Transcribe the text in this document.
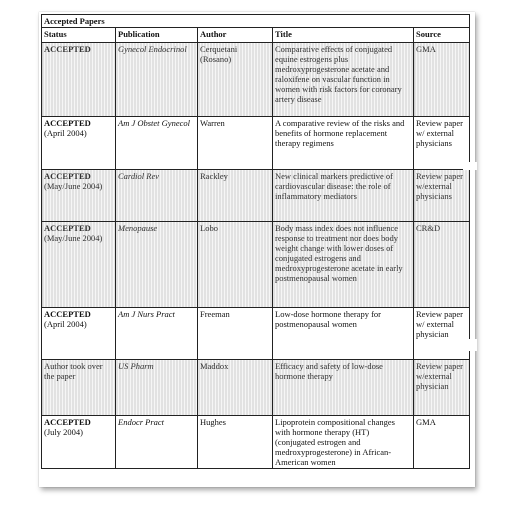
Accepted Papers				
Status	Publication	Author	Title	Source

ACCEPTED	Gynecol Endocrinol	Cerquetani (Rosano)	Comparative effects of conjugated equine estrogens plus medroxyprogesterone acetate and raloxifene on vascular function in women with risk factors for coronary artery disease	GMA

ACCEPTED
(April 2004)	Am J Obstet Gynecol	Warren	A comparative review of the risks and benefits of hormone replacement therapy regimens	Review paper w/ external physicians

ACCEPTED
(May/June 2004)	Cardiol Rev	Rackley	New clinical markers predictive of cardiovascular disease: the role of inflammatory mediators	Review paper w/external physicians

ACCEPTED
(May/June 2004)	Menopause	Lobo	Body mass index does not influence response to treatment nor does body weight change with lower doses of conjugated estrogens and medroxyprogesterone acetate in early postmenopausal women	CR&D

ACCEPTED
(April 2004)	Am J Nurs Pract	Freeman	Low-dose hormone therapy for postmenopausal women	Review paper w/ external physician

Author took over the paper	US Pharm	Maddox	Efficacy and safety of low-dose hormone therapy	Review paper w/external physician

ACCEPTED
(July 2004)	Endocr Pract	Hughes	Lipoprotein compositional changes with hormone therapy (HT) (conjugated estrogen and medroxyprogesterone) in African-American women	GMA
